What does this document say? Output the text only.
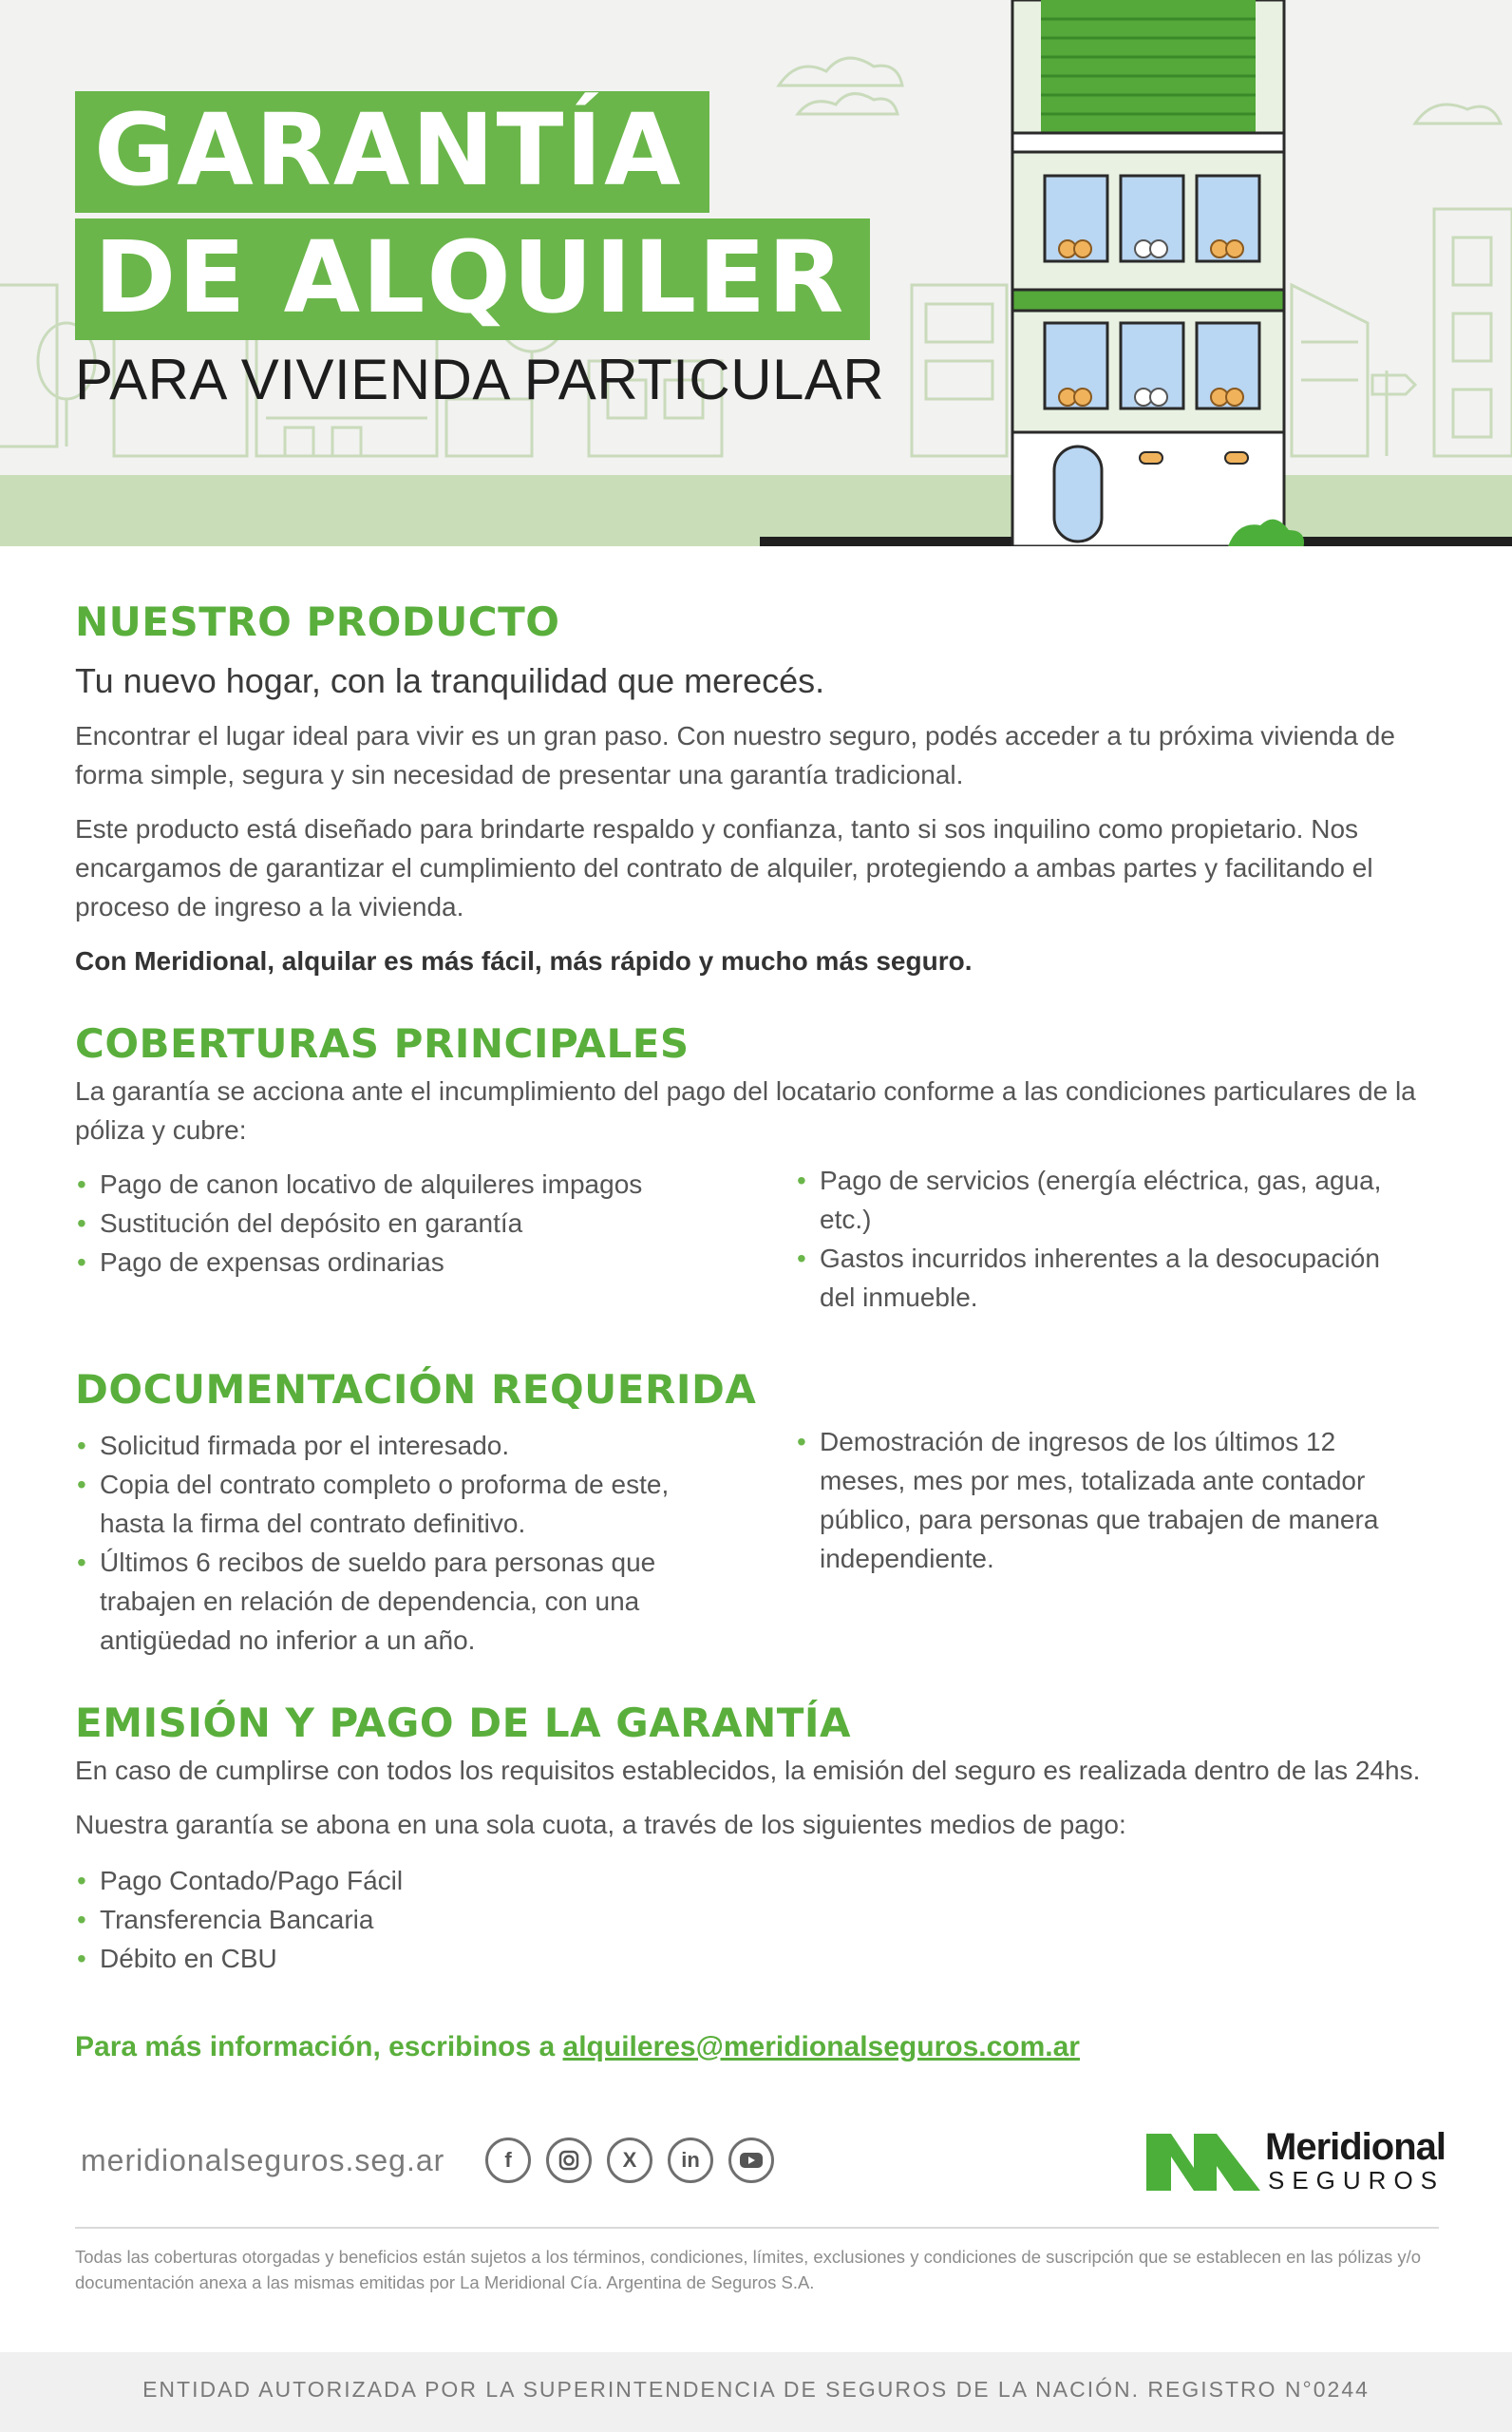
GARANTÍA
DE ALQUILER
PARA VIVIENDA PARTICULAR
NUESTRO PRODUCTO
Tu nuevo hogar, con la tranquilidad que merecés.

Encontrar el lugar ideal para vivir es un gran paso. Con nuestro seguro, podés acceder a tu próxima vivienda de forma simple, segura y sin necesidad de presentar una garantía tradicional.

Este producto está diseñado para brindarte respaldo y confianza, tanto si sos inquilino como propietario. Nos encargamos de garantizar el cumplimiento del contrato de alquiler, protegiendo a ambas partes y facilitando el proceso de ingreso a la vivienda.

Con Meridional, alquilar es más fácil, más rápido y mucho más seguro.

COBERTURAS PRINCIPALES

La garantía se acciona ante el incumplimiento del pago del locatario conforme a las condiciones particulares de la póliza y cubre:

• Pago de canon locativo de alquileres impagos
• Sustitución del depósito en garantía
• Pago de expensas ordinarias
• Pago de servicios (energía eléctrica, gas, agua, etc.)
• Gastos incurridos inherentes a la desocupación del inmueble.
DOCUMENTACIÓN REQUERIDA
• Solicitud firmada por el interesado.
• Copia del contrato completo o proforma de este, hasta la firma del contrato definitivo.
• Últimos 6 recibos de sueldo para personas que trabajen en relación de dependencia, con una antigüedad no inferior a un año.
• Demostración de ingresos de los últimos 12 meses, mes por mes, totalizada ante contador público, para personas que trabajen de manera independiente.
EMISIÓN Y PAGO DE LA GARANTÍA

En caso de cumplirse con todos los requisitos establecidos, la emisión del seguro es realizada dentro de las 24hs.

Nuestra garantía se abona en una sola cuota, a través de los siguientes medios de pago:

• Pago Contado/Pago Fácil
• Transferencia Bancaria
• Débito en CBU
Para más información, escribinos a alquileres@meridionalseguros.com.ar
meridionalseguros.seg.ar	f	X	in	Meridional
SEGUROS
Todas las coberturas otorgadas y beneficios están sujetos a los términos, condiciones, límites, exclusiones y condiciones de suscripción que se establecen en las pólizas y/o documentación anexa a las mismas emitidas por La Meridional Cía. Argentina de Seguros S.A.
ENTIDAD AUTORIZADA POR LA SUPERINTENDENCIA DE SEGUROS DE LA NACIÓN. REGISTRO N°0244
